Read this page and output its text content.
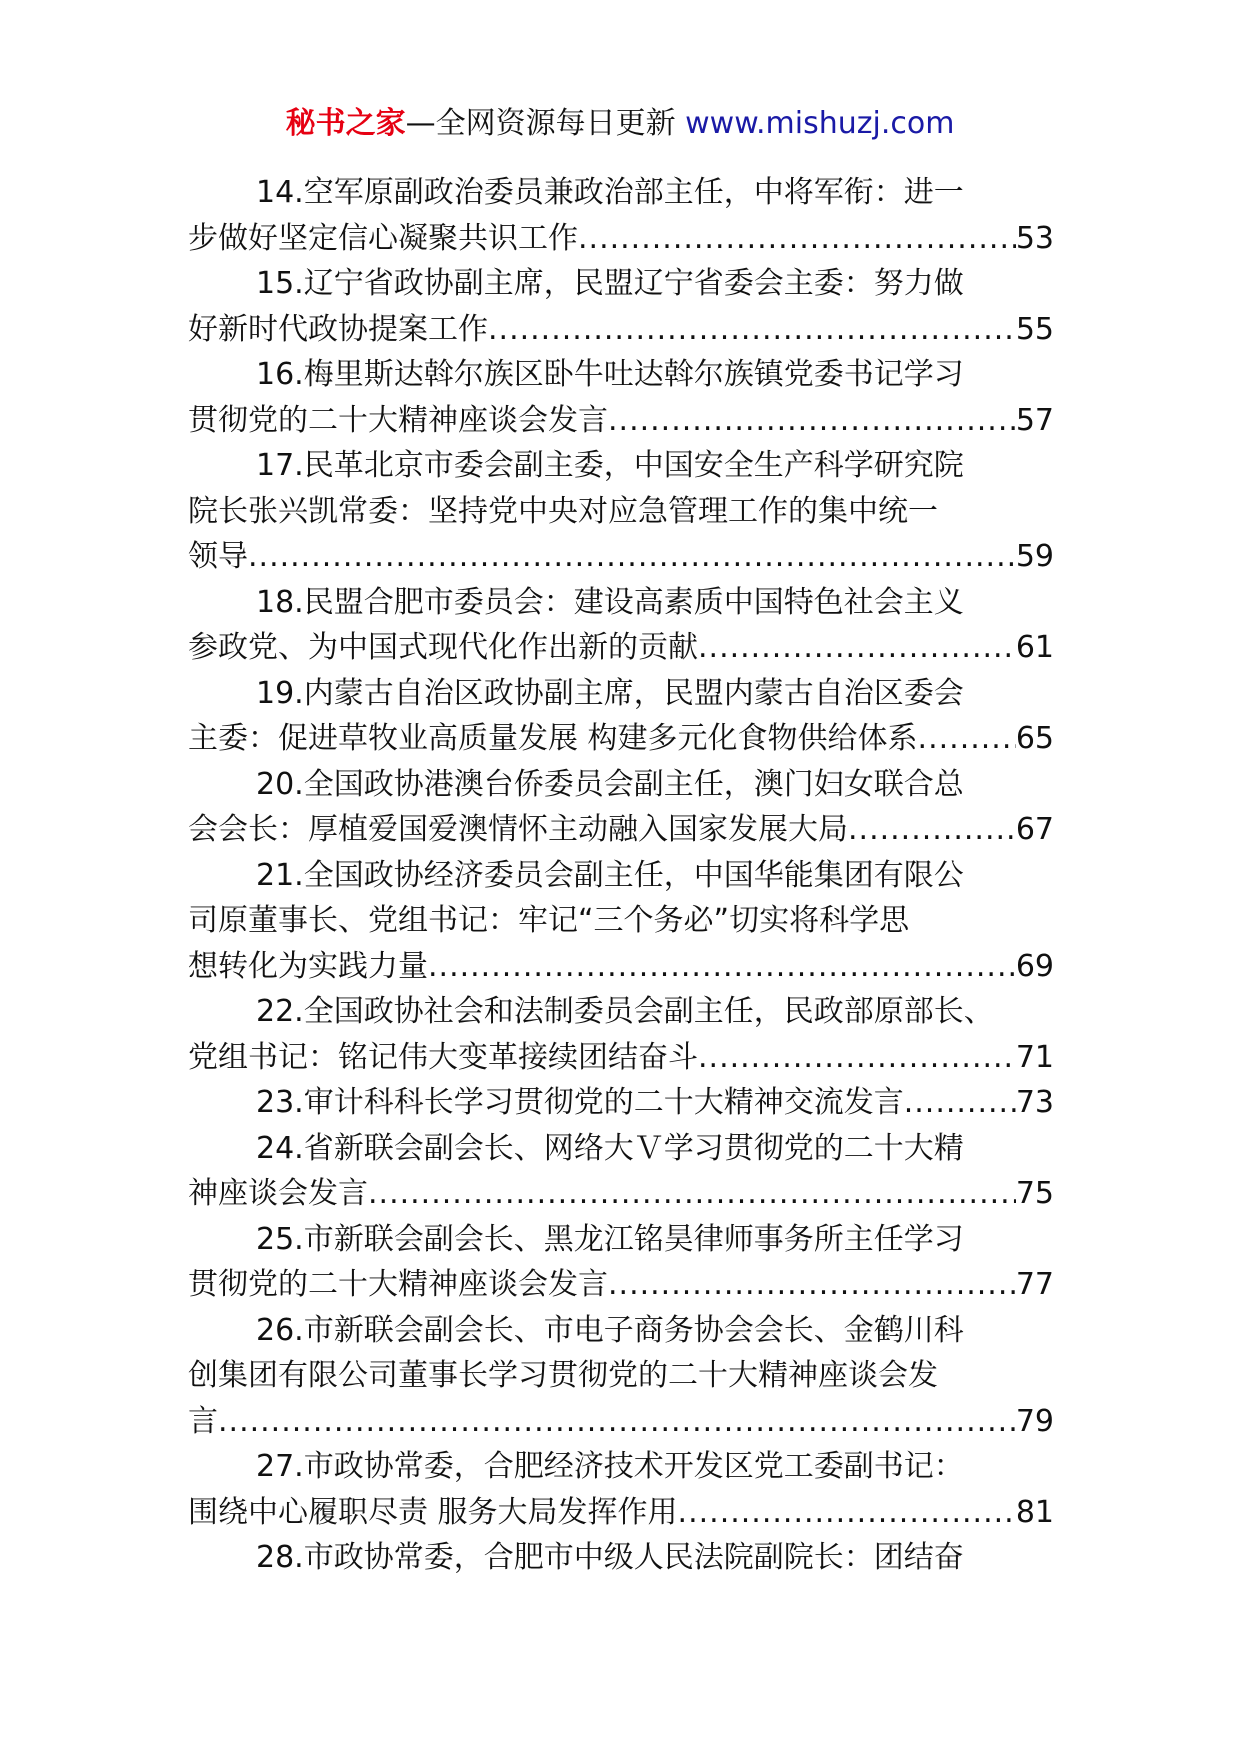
秘书之家—全网资源每日更新 www.mishuzj.com
14.空军原副政治委员兼政治部主任，中将军衔：进一
步做好坚定信心凝聚共识工作 .....	53
15.辽宁省政协副主席，民盟辽宁省委会主委：努力做
好新时代政协提案工作 .....	55
16.梅里斯达斡尔族区卧牛吐达斡尔族镇党委书记学习
贯彻党的二十大精神座谈会发言 .....	57
17.民革北京市委会副主委，中国安全生产科学研究院
院长张兴凯常委：坚持党中央对应急管理工作的集中统一
领导 .....	59
18.民盟合肥市委员会：建设高素质中国特色社会主义
参政党、为中国式现代化作出新的贡献 .....	61
19.内蒙古自治区政协副主席，民盟内蒙古自治区委会
主委：促进草牧业高质量发展 构建多元化食物供给体系 .....	65
20.全国政协港澳台侨委员会副主任，澳门妇女联合总
会会长：厚植爱国爱澳情怀主动融入国家发展大局 .....	67
21.全国政协经济委员会副主任，中国华能集团有限公
司原董事长、党组书记：牢记“三个务必”切实将科学思
想转化为实践力量 .....	69
22.全国政协社会和法制委员会副主任，民政部原部长、
党组书记：铭记伟大变革接续团结奋斗 .....	71
23.审计科科长学习贯彻党的二十大精神交流发言 .....	73
24.省新联会副会长、网络大Ｖ学习贯彻党的二十大精
神座谈会发言 .....	75
25.市新联会副会长、黑龙江铭昊律师事务所主任学习
贯彻党的二十大精神座谈会发言 .....	77
26.市新联会副会长、市电子商务协会会长、金鹤川科
创集团有限公司董事长学习贯彻党的二十大精神座谈会发
言 .....	79
27.市政协常委，合肥经济技术开发区党工委副书记：
围绕中心履职尽责 服务大局发挥作用 .....	81
28.市政协常委，合肥市中级人民法院副院长：团结奋
